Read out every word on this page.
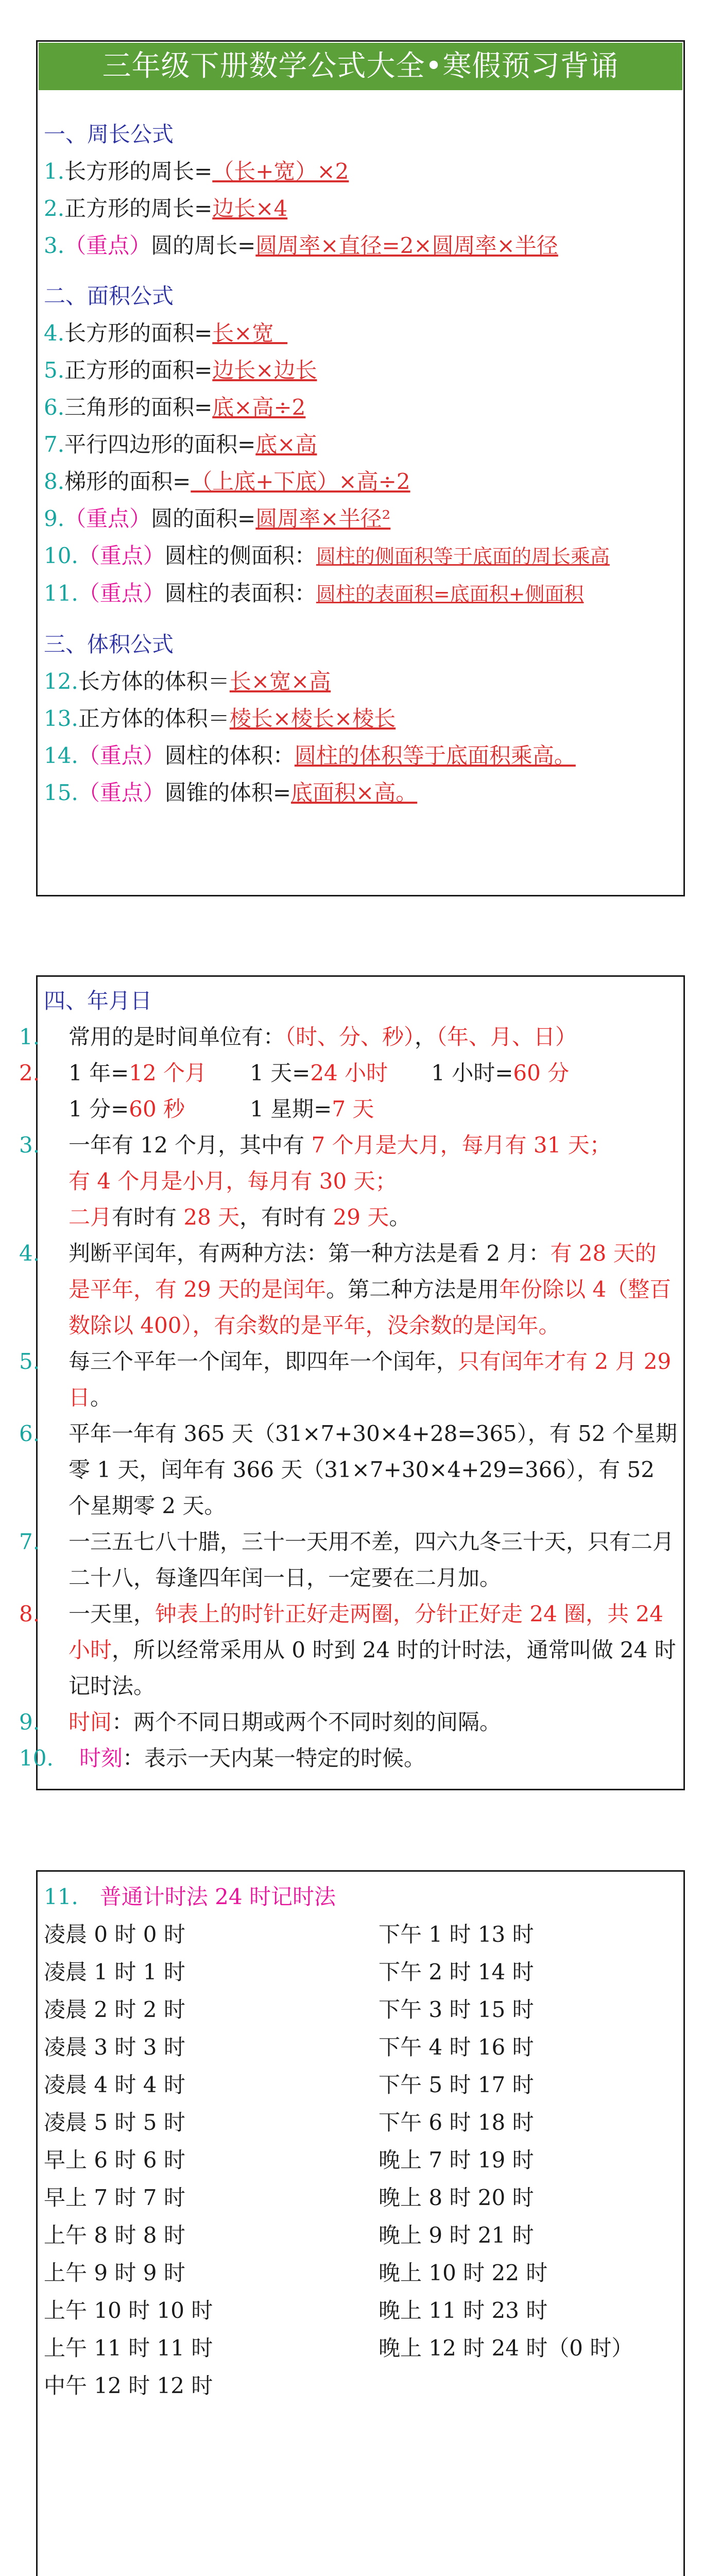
三年级下册数学公式大全•寒假预习背诵
一、周长公式
1.长方形的周长=（长+宽）×2
2.正方形的周长=边长×4
3.（重点）圆的周长=圆周率×直径=2×圆周率×半径
二、面积公式
4.长方形的面积=长×宽
5.正方形的面积=边长×边长
6.三角形的面积=底×高÷2
7.平行四边形的面积=底×高
8.梯形的面积=（上底+下底）×高÷2
9.（重点）圆的面积=圆周率×半径²
10.（重点）圆柱的侧面积：圆柱的侧面积等于底面的周长乘高
11.（重点）圆柱的表面积：圆柱的表面积=底面积+侧面积
三、体积公式
12.长方体的体积＝长×宽×高
13.正方体的体积＝棱长×棱长×棱长
14.（重点）圆柱的体积：圆柱的体积等于底面积乘高。
15.（重点）圆锥的体积=底面积×高。
四、年月日
1. 常用的是时间单位有：（时、分、秒），（年、月、日）
2. 1 年=12 个月   1 天=24 小时   1 小时=60 分
1 分=60 秒   	1 星期=7 天
3. 一年有 12 个月，其中有 7 个月是大月，每月有 31 天；
有 4 个月是小月，每月有 30 天；
二月有时有 28 天，有时有 29 天。
4. 判断平闰年，有两种方法：第一种方法是看 2 月：有 28 天的是平年，有 29 天的是闰年。第二种方法是用年份除以 4（整百数除以 400），有余数的是平年，没余数的是闰年。
5. 每三个平年一个闰年，即四年一个闰年，只有闰年才有 2 月 29 日。
6. 平年一年有 365 天（31×7+30×4+28=365），有 52 个星期零 1 天，闰年有 366 天（31×7+30×4+29=366），有 52 个星期零 2 天。
7. 一三五七八十腊，三十一天用不差，四六九冬三十天，只有二月二十八，每逢四年闰一日，一定要在二月加。
8. 一天里，钟表上的时针正好走两圈，分针正好走 24 圈，共 24 小时，所以经常采用从 0 时到 24 时的计时法，通常叫做 24 时记时法。
9. 时间：两个不同日期或两个不同时刻的间隔。
10.  时刻：表示一天内某一特定的时候。
11.  普通计时法 24 时记时法
凌晨 0 时 0 时
凌晨 1 时 1 时
凌晨 2 时 2 时
凌晨 3 时 3 时
凌晨 4 时 4 时
凌晨 5 时 5 时
早上 6 时 6 时
早上 7 时 7 时
上午 8 时 8 时
上午 9 时 9 时
上午 10 时 10 时
上午 11 时 11 时
中午 12 时 12 时
下午 1 时 13 时
下午 2 时 14 时
下午 3 时 15 时
下午 4 时 16 时
下午 5 时 17 时
下午 6 时 18 时
晚上 7 时 19 时
晚上 8 时 20 时
晚上 9 时 21 时
晚上 10 时 22 时
晚上 11 时 23 时
晚上 12 时 24 时（0 时）
